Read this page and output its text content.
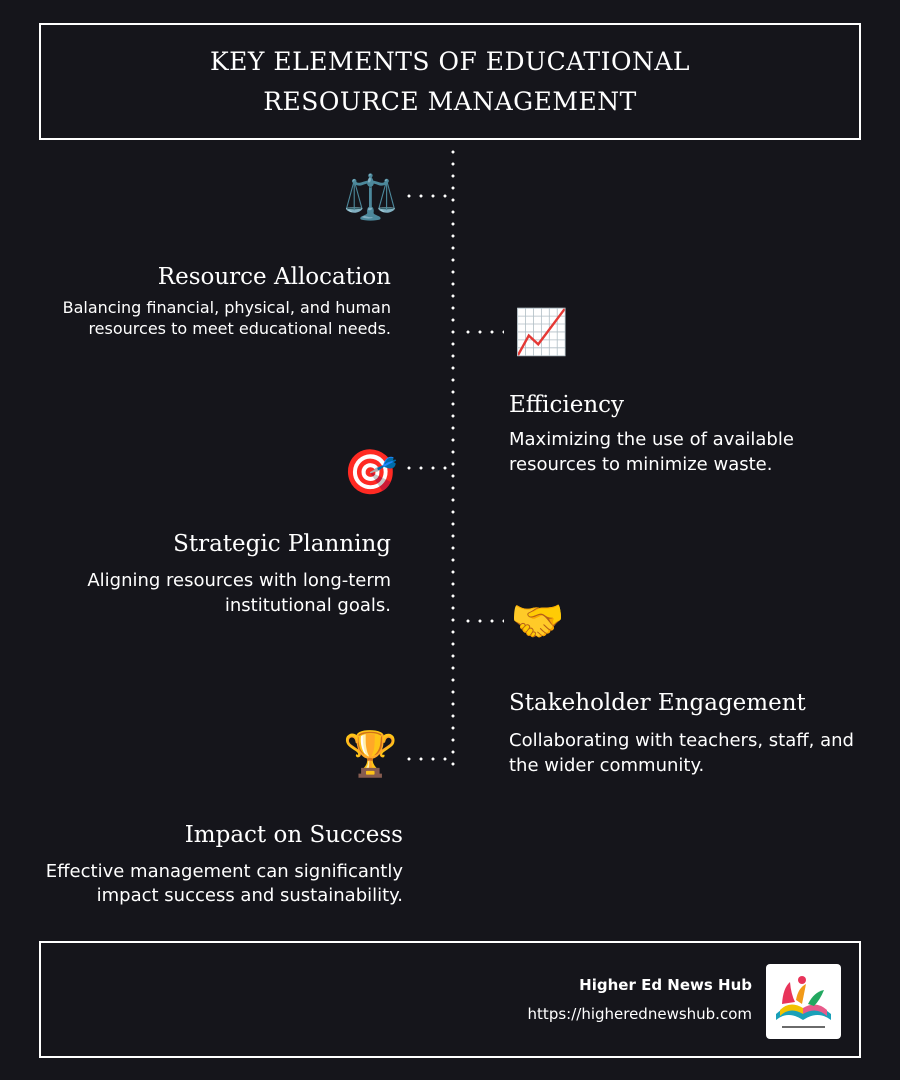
KEY ELEMENTS OF EDUCATIONAL RESOURCE MANAGEMENT
⚖️
Resource Allocation
Balancing financial, physical, and human resources to meet educational needs.	📈
Efficiency
Maximizing the use of available resources to minimize waste.
🎯
Strategic Planning
Aligning resources with long-term institutional goals.	🤝
Stakeholder Engagement
Collaborating with teachers, staff, and the wider community.
🏆
Impact on Success
Effective management can significantly impact success and sustainability.
Higher Ed News Hub
https://higherednewshub.com
